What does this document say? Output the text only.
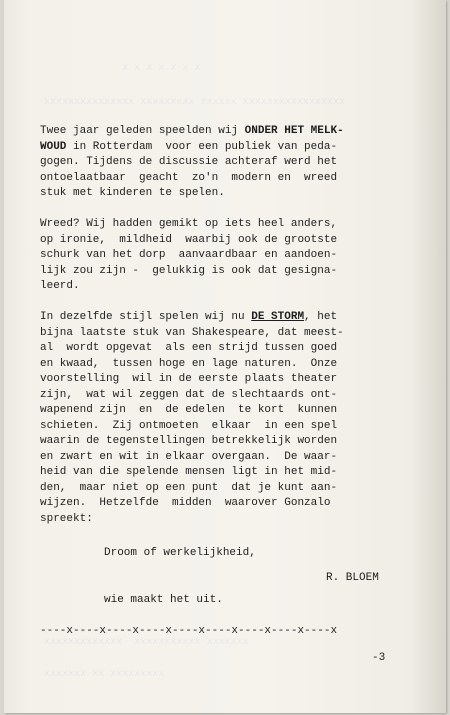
x x x x x x x
xxxxxxxxxxxxxxx xxxxxxxxx xxxxxx xxxxxxxxxxxxxxxxx
xxxxxxxxxxxxx  xxxxxxxxxxx xxxxxxx
xxxxxxx xx xxxxxxxxx
Twee jaar geleden speelden wij ONDER HET MELK-
WOUD in Rotterdam  voor een publiek van peda-
gogen. Tijdens de discussie achteraf werd het
ontoelaatbaar  geacht  zo'n  modern en  wreed
stuk met kinderen te spelen.
Wreed? Wij hadden gemikt op iets heel anders,
op ironie,  mildheid  waarbij ook de grootste
schurk van het dorp  aanvaardbaar en aandoen-
lijk zou zijn -  gelukkig is ook dat gesigna-
leerd.
In dezelfde stijl spelen wij nu DE STORM, het
bijna laatste stuk van Shakespeare, dat meest-
al  wordt opgevat  als een strijd tussen goed
en kwaad,  tussen hoge en lage naturen.  Onze
voorstelling  wil in de eerste plaats theater
zijn,  wat wil zeggen dat de slechtaards ont-
wapenend zijn  en  de edelen  te kort  kunnen
schieten.  Zij ontmoeten  elkaar  in een spel
waarin de tegenstellingen betrekkelijk worden
en zwart en wit in elkaar overgaan.  De waar-
heid van die spelende mensen ligt in het mid-
den,  maar niet op een punt  dat je kunt aan-
wijzen.  Hetzelfde  midden  waarover Gonzalo
spreekt:

Droom of werkelijkheid,

wie maakt het uit.

R. BLOEM
----x----x----x----x----x----x----x----x----x
-3
